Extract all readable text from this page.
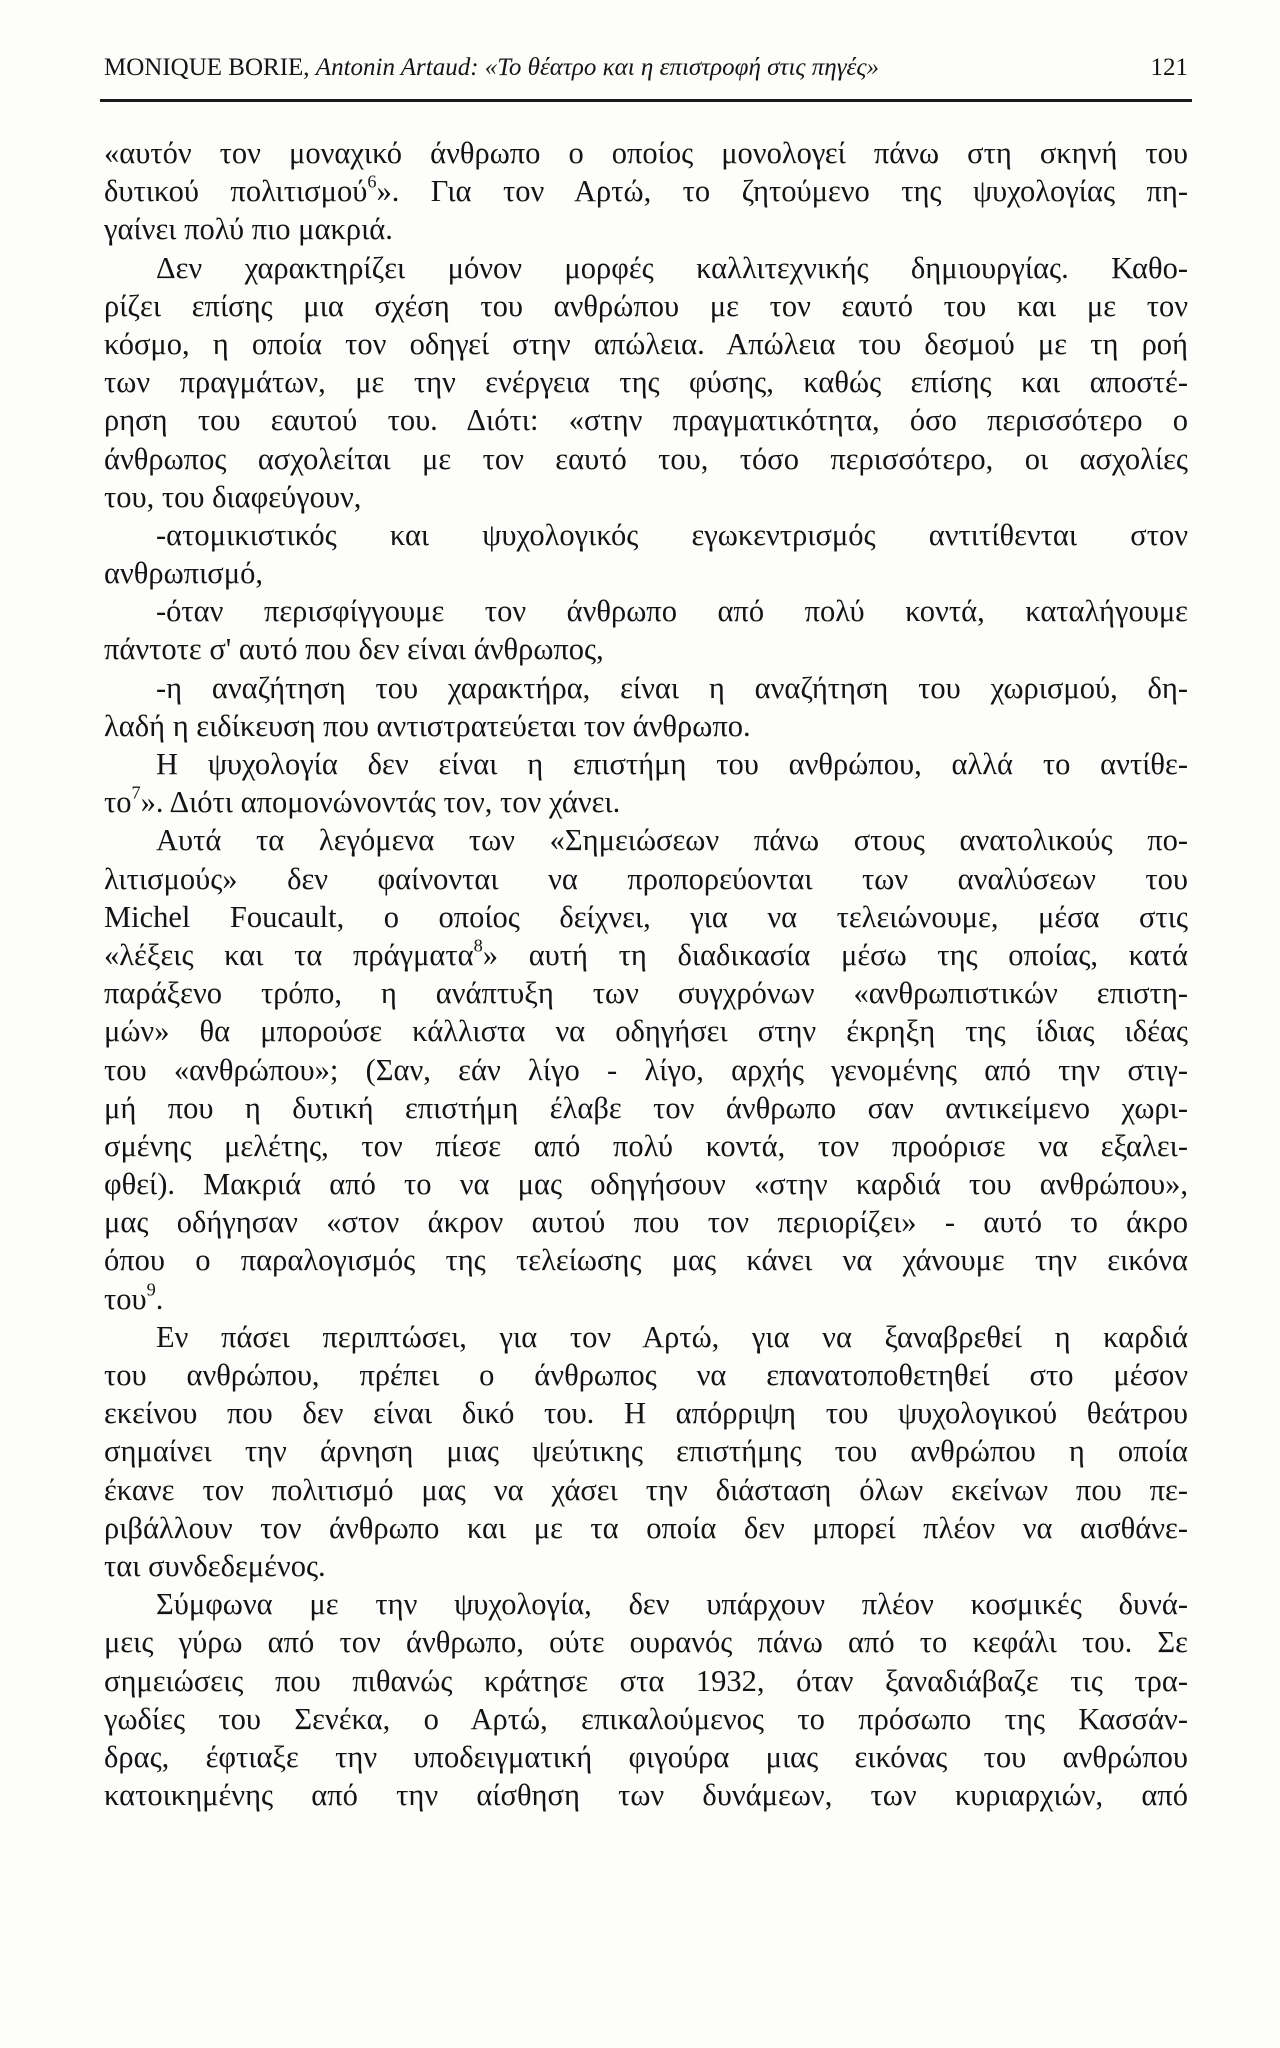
MONIQUE BORIE, Antonin Artaud: «Το θέατρο και η επιστροφή στις πηγές»	121
«αυτόν τον μοναχικό άνθρωπο ο οποίος μονολογεί πάνω στη σκηνή του
δυτικού πολιτισμού$^6$». Για τον Αρτώ, το ζητούμενο της ψυχολογίας πη-
γαίνει πολύ πιο μακριά.
Δεν χαρακτηρίζει μόνον μορφές καλλιτεχνικής δημιουργίας. Καθο-
ρίζει επίσης μια σχέση του ανθρώπου με τον εαυτό του και με τον
κόσμο, η οποία τον οδηγεί στην απώλεια. Απώλεια του δεσμού με τη ροή
των πραγμάτων, με την ενέργεια της φύσης, καθώς επίσης και αποστέ-
ρηση του εαυτού του. Διότι: «στην πραγματικότητα, όσο περισσότερο ο
άνθρωπος ασχολείται με τον εαυτό του, τόσο περισσότερο, οι ασχολίες
του, του διαφεύγουν,
-ατομικιστικός και ψυχολογικός εγωκεντρισμός αντιτίθενται στον
ανθρωπισμό,
-όταν περισφίγγουμε τον άνθρωπο από πολύ κοντά, καταλήγουμε
πάντοτε σ' αυτό που δεν είναι άνθρωπος,
-η αναζήτηση του χαρακτήρα, είναι η αναζήτηση του χωρισμού, δη-
λαδή η ειδίκευση που αντιστρατεύεται τον άνθρωπο.
Η ψυχολογία δεν είναι η επιστήμη του ανθρώπου, αλλά το αντίθε-
$\tau o^7$». Διότι απομονώνοντάς τον, τον χάνει.
Αυτά τα λεγόμενα των «Σημειώσεων πάνω στους ανατολικούς πο-
λιτισμούς» δεν φαίνονται να προπορεύονται των αναλύσεων του
Michel Foucault, ο οποίος δείχνει, για να τελειώνουμε, μέσα στις
«λέξεις και τα πράγματα$^8$» αυτή τη διαδικασία μέσω της οποίας, κατά
παράξενο τρόπο, η ανάπτυξη των συγχρόνων «ανθρωπιστικών επιστη-
μών» θα μπορούσε κάλλιστα να οδηγήσει στην έκρηξη της ίδιας ιδέας
του «ανθρώπου»; (Σαν, εάν λίγο - λίγο, αρχής γενομένης από την στιγ-
μή που η δυτική επιστήμη έλαβε τον άνθρωπο σαν αντικείμενο χωρι-
σμένης μελέτης, τον πίεσε από πολύ κοντά, τον προόρισε να εξαλει-
φθεί). Μακριά από το να μας οδηγήσουν «στην καρδιά του ανθρώπου»,
μας οδήγησαν «στον άκρον αυτού που τον περιορίζει» - αυτό το άκρο
όπου ο παραλογισμός της τελείωσης μας κάνει να χάνουμε την εικόνα
του$^9$.
Εν πάσει περιπτώσει, για τον Αρτώ, για να ξαναβρεθεί η καρδιά
του ανθρώπου, πρέπει ο άνθρωπος να επανατοποθετηθεί στο μέσον
εκείνου που δεν είναι δικό του. Η απόρριψη του ψυχολογικού θεάτρου
σημαίνει την άρνηση μιας ψεύτικης επιστήμης του ανθρώπου η οποία
έκανε τον πολιτισμό μας να χάσει την διάσταση όλων εκείνων που πε-
ριβάλλουν τον άνθρωπο και με τα οποία δεν μπορεί πλέον να αισθάνε-
ται συνδεδεμένος.
Σύμφωνα με την ψυχολογία, δεν υπάρχουν πλέον κοσμικές δυνά-
μεις γύρω από τον άνθρωπο, ούτε ουρανός πάνω από το κεφάλι του. Σε
σημειώσεις που πιθανώς κράτησε στα 1932, όταν ξαναδιάβαζε τις τρα-
γωδίες του Σενέκα, ο Αρτώ, επικαλούμενος το πρόσωπο της Κασσάν-
δρας, έφτιαξε την υποδειγματική φιγούρα μιας εικόνας του ανθρώπου
κατοικημένης από την αίσθηση των δυνάμεων, των κυριαρχιών, από
